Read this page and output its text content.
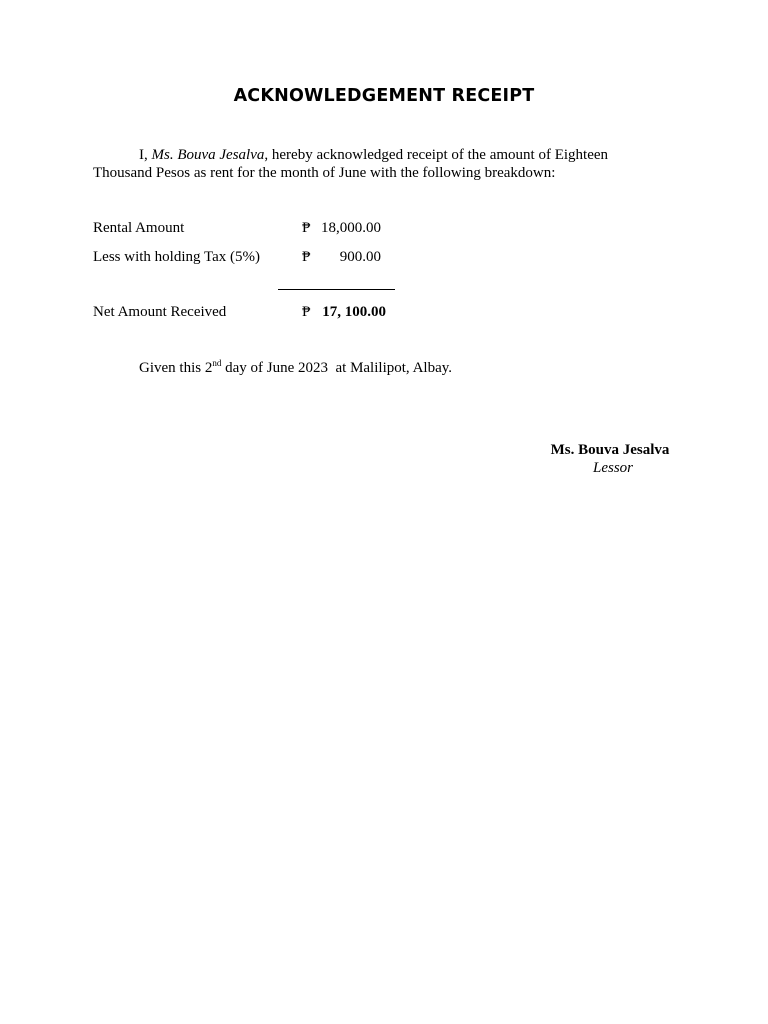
ACKNOWLEDGEMENT RECEIPT

I, Ms. Bouva Jesalva, hereby acknowledged receipt of the amount of Eighteen Thousand Pesos as rent for the month of June with the following breakdown:

Rental Amount	₱ 18,000.00
Less with holding Tax (5%)	₱	900.00
Net Amount Received	₱ 17, 100.00
Given this 2nd day of June 2023  at Malilipot, Albay.
Ms. Bouva Jesalva
Lessor
